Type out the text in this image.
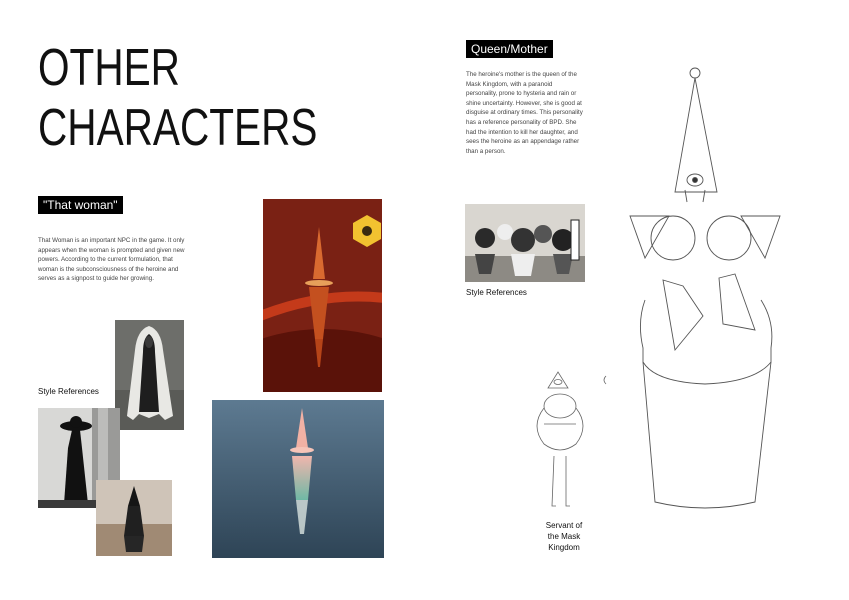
OTHER
CHARACTERS
"That woman"
That Woman is an important NPC in the game. It only appears when the woman is prompted and given new powers. According to the current formulation, that woman is the subconsciousness of the heroine and serves as a signpost to guide her growing.
Style References
Queen/Mother
The heroine's mother is the queen of the Mask Kingdom, with a paranoid personality, prone to hysteria and rain or shine uncertainty. However, she is good at disguise at ordinary times. This personality has a reference personality of BPD. She had the intention to kill her daughter, and sees the heroine as an appendage rather than a person.
Style References
Servant of
the Mask
Kingdom
